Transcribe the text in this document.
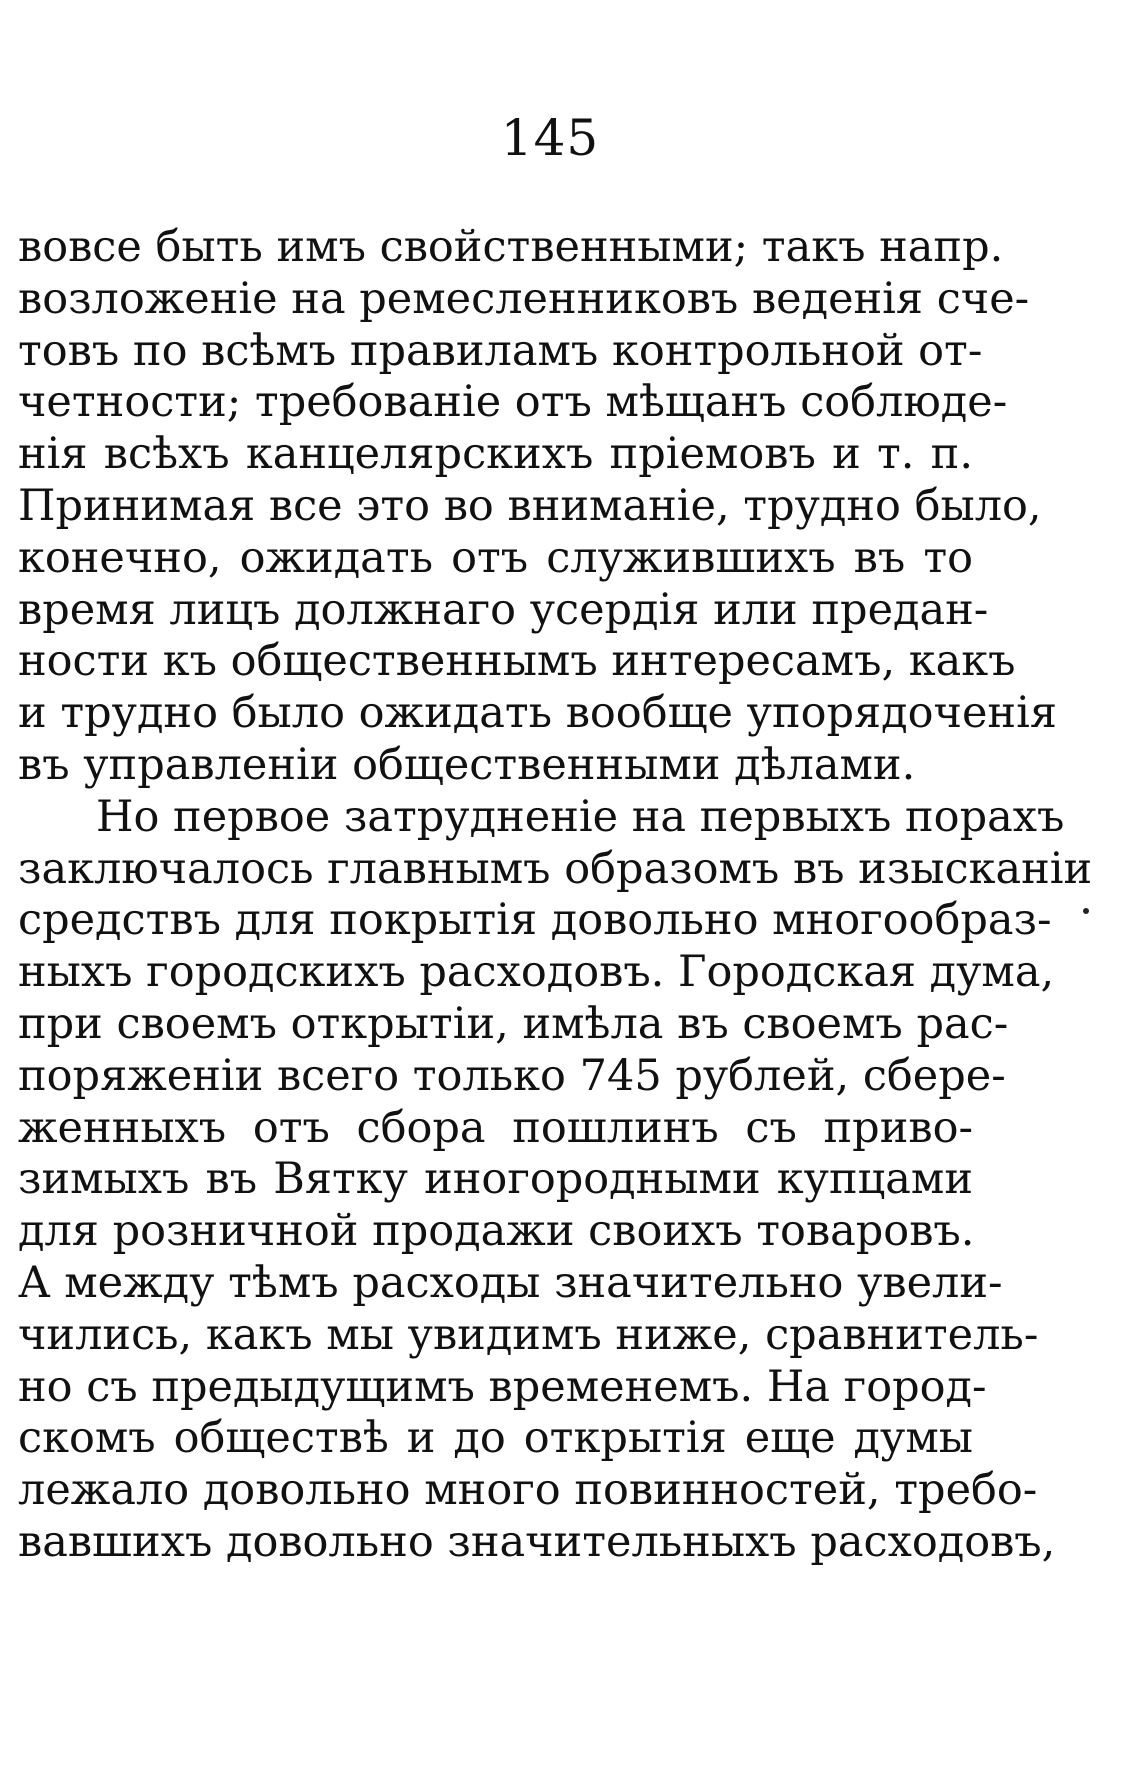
145
вовсе быть имъ свойственными; такъ напр.
возложеніе на ремесленниковъ веденія сче-
товъ по всѣмъ правиламъ контрольной от-
четности; требованіе отъ мѣщанъ соблюде-
нія всѣхъ канцелярскихъ пріемовъ и т. п.
Принимая все это во вниманіе, трудно было,
конечно, ожидать отъ служившихъ въ то
время лицъ должнаго усердія или предан-
ности къ общественнымъ интересамъ, какъ
и трудно было ожидать вообще упорядоченія
въ управленіи общественными дѣлами.
Но первое затрудненіе на первыхъ порахъ
заключалось главнымъ образомъ въ изысканіи
средствъ для покрытія довольно многообраз-
ныхъ городскихъ расходовъ. Городская дума,
при своемъ открытіи, имѣла въ своемъ рас-
поряженіи всего только 745 рублей, сбере-
женныхъ отъ сбора пошлинъ съ приво-
зимыхъ въ Вятку иногородными купцами
для розничной продажи своихъ товаровъ.
А между тѣмъ расходы значительно увели-
чились, какъ мы увидимъ ниже, сравнитель-
но съ предыдущимъ временемъ. На город-
скомъ обществѣ и до открытія еще думы
лежало довольно много повинностей, требо-
вавшихъ довольно значительныхъ расходовъ,
